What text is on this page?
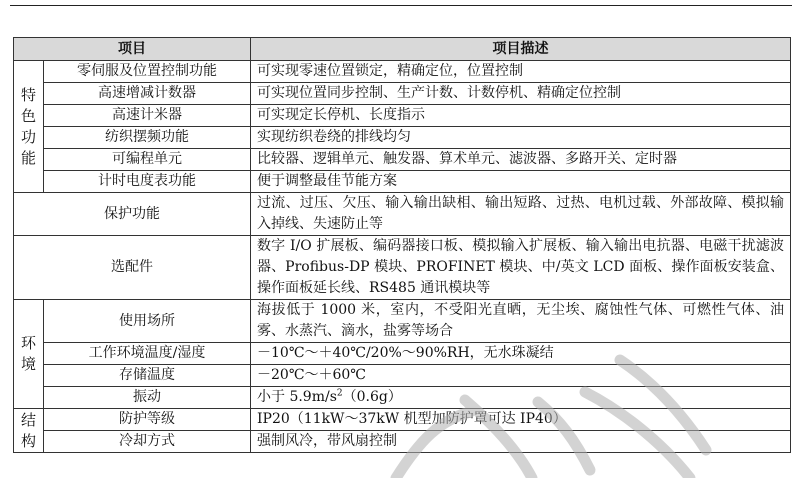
项目		项目描述

特
色
功
能	零伺服及位置控制功能	可实现零速位置锁定，精确定位，位置控制
	高速增减计数器	可实现位置同步控制、生产计数、计数停机、精确定位控制
	高速计米器	可实现定长停机、长度指示
	纺织摆频功能	实现纺织卷绕的排线均匀
	可编程单元	比较器、逻辑单元、触发器、算术单元、滤波器、多路开关、定时器
	计时电度表功能	便于调整最佳节能方案
保护功能		过流、过压、欠压、输入输出缺相、输出短路、过热、电机过载、外部故障、模拟输入掉线、失速防止等
选配件		数字 I/O 扩展板、编码器接口板、模拟输入扩展板、输入输出电抗器、电磁干扰滤波器、Profibus-DP 模块、PROFINET 模块、中/英文 LCD 面板、操作面板安装盒、操作面板延长线、RS485 通讯模块等

环
境	使用场所	海拔低于 1000 米，室内，不受阳光直晒，无尘埃、腐蚀性气体、可燃性气体、油雾、水蒸汽、滴水，盐雾等场合
	工作环境温度/湿度	－10℃～＋40℃/20%～90%RH，无水珠凝结
	存储温度	－20℃～＋60℃
	振动	小于 $5.9m/s^2(0.6g)$

结
构	防护等级	IP20（11kW～37kW 机型加防护罩可达 IP40）
	冷却方式	强制风冷，带风扇控制
